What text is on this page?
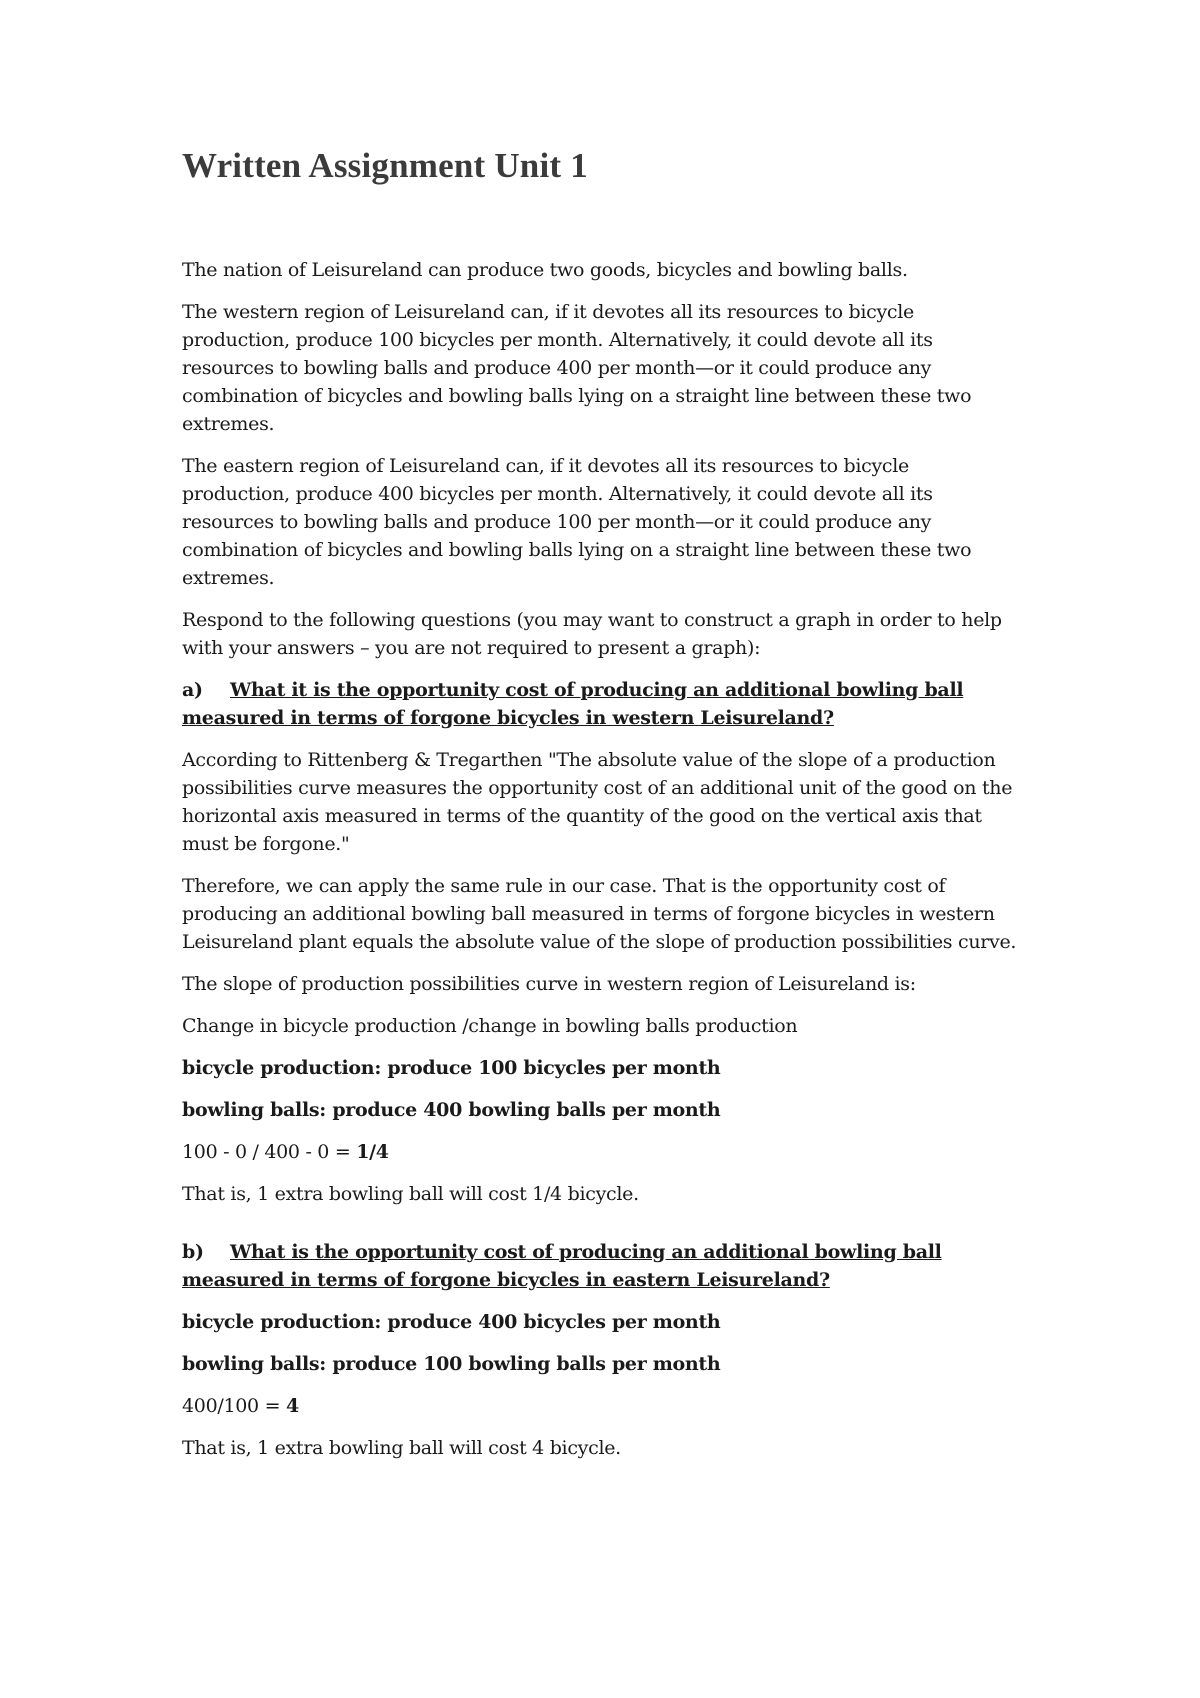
Written Assignment Unit 1

The nation of Leisureland can produce two goods, bicycles and bowling balls.

The western region of Leisureland can, if it devotes all its resources to bicycle production, produce 100 bicycles per month. Alternatively, it could devote all its resources to bowling balls and produce 400 per month—or it could produce any combination of bicycles and bowling balls lying on a straight line between these two extremes.

The eastern region of Leisureland can, if it devotes all its resources to bicycle production, produce 400 bicycles per month. Alternatively, it could devote all its resources to bowling balls and produce 100 per month—or it could produce any combination of bicycles and bowling balls lying on a straight line between these two extremes.

Respond to the following questions (you may want to construct a graph in order to help with your answers – you are not required to present a graph):

a) What it is the opportunity cost of producing an additional bowling ball measured in terms of forgone bicycles in western Leisureland?

According to Rittenberg & Tregarthen "The absolute value of the slope of a production possibilities curve measures the opportunity cost of an additional unit of the good on the horizontal axis measured in terms of the quantity of the good on the vertical axis that must be forgone."

Therefore, we can apply the same rule in our case. That is the opportunity cost of producing an additional bowling ball measured in terms of forgone bicycles in western Leisureland plant equals the absolute value of the slope of production possibilities curve.

The slope of production possibilities curve in western region of Leisureland is:

Change in bicycle production /change in bowling balls production

bicycle production: produce 100 bicycles per month

bowling balls: produce 400 bowling balls per month

100 - 0 / 400 - 0 = 1/4

That is, 1 extra bowling ball will cost 1/4 bicycle.

b) What is the opportunity cost of producing an additional bowling ball measured in terms of forgone bicycles in eastern Leisureland?

bicycle production: produce 400 bicycles per month

bowling balls: produce 100 bowling balls per month

400/100 = 4

That is, 1 extra bowling ball will cost 4 bicycle.
